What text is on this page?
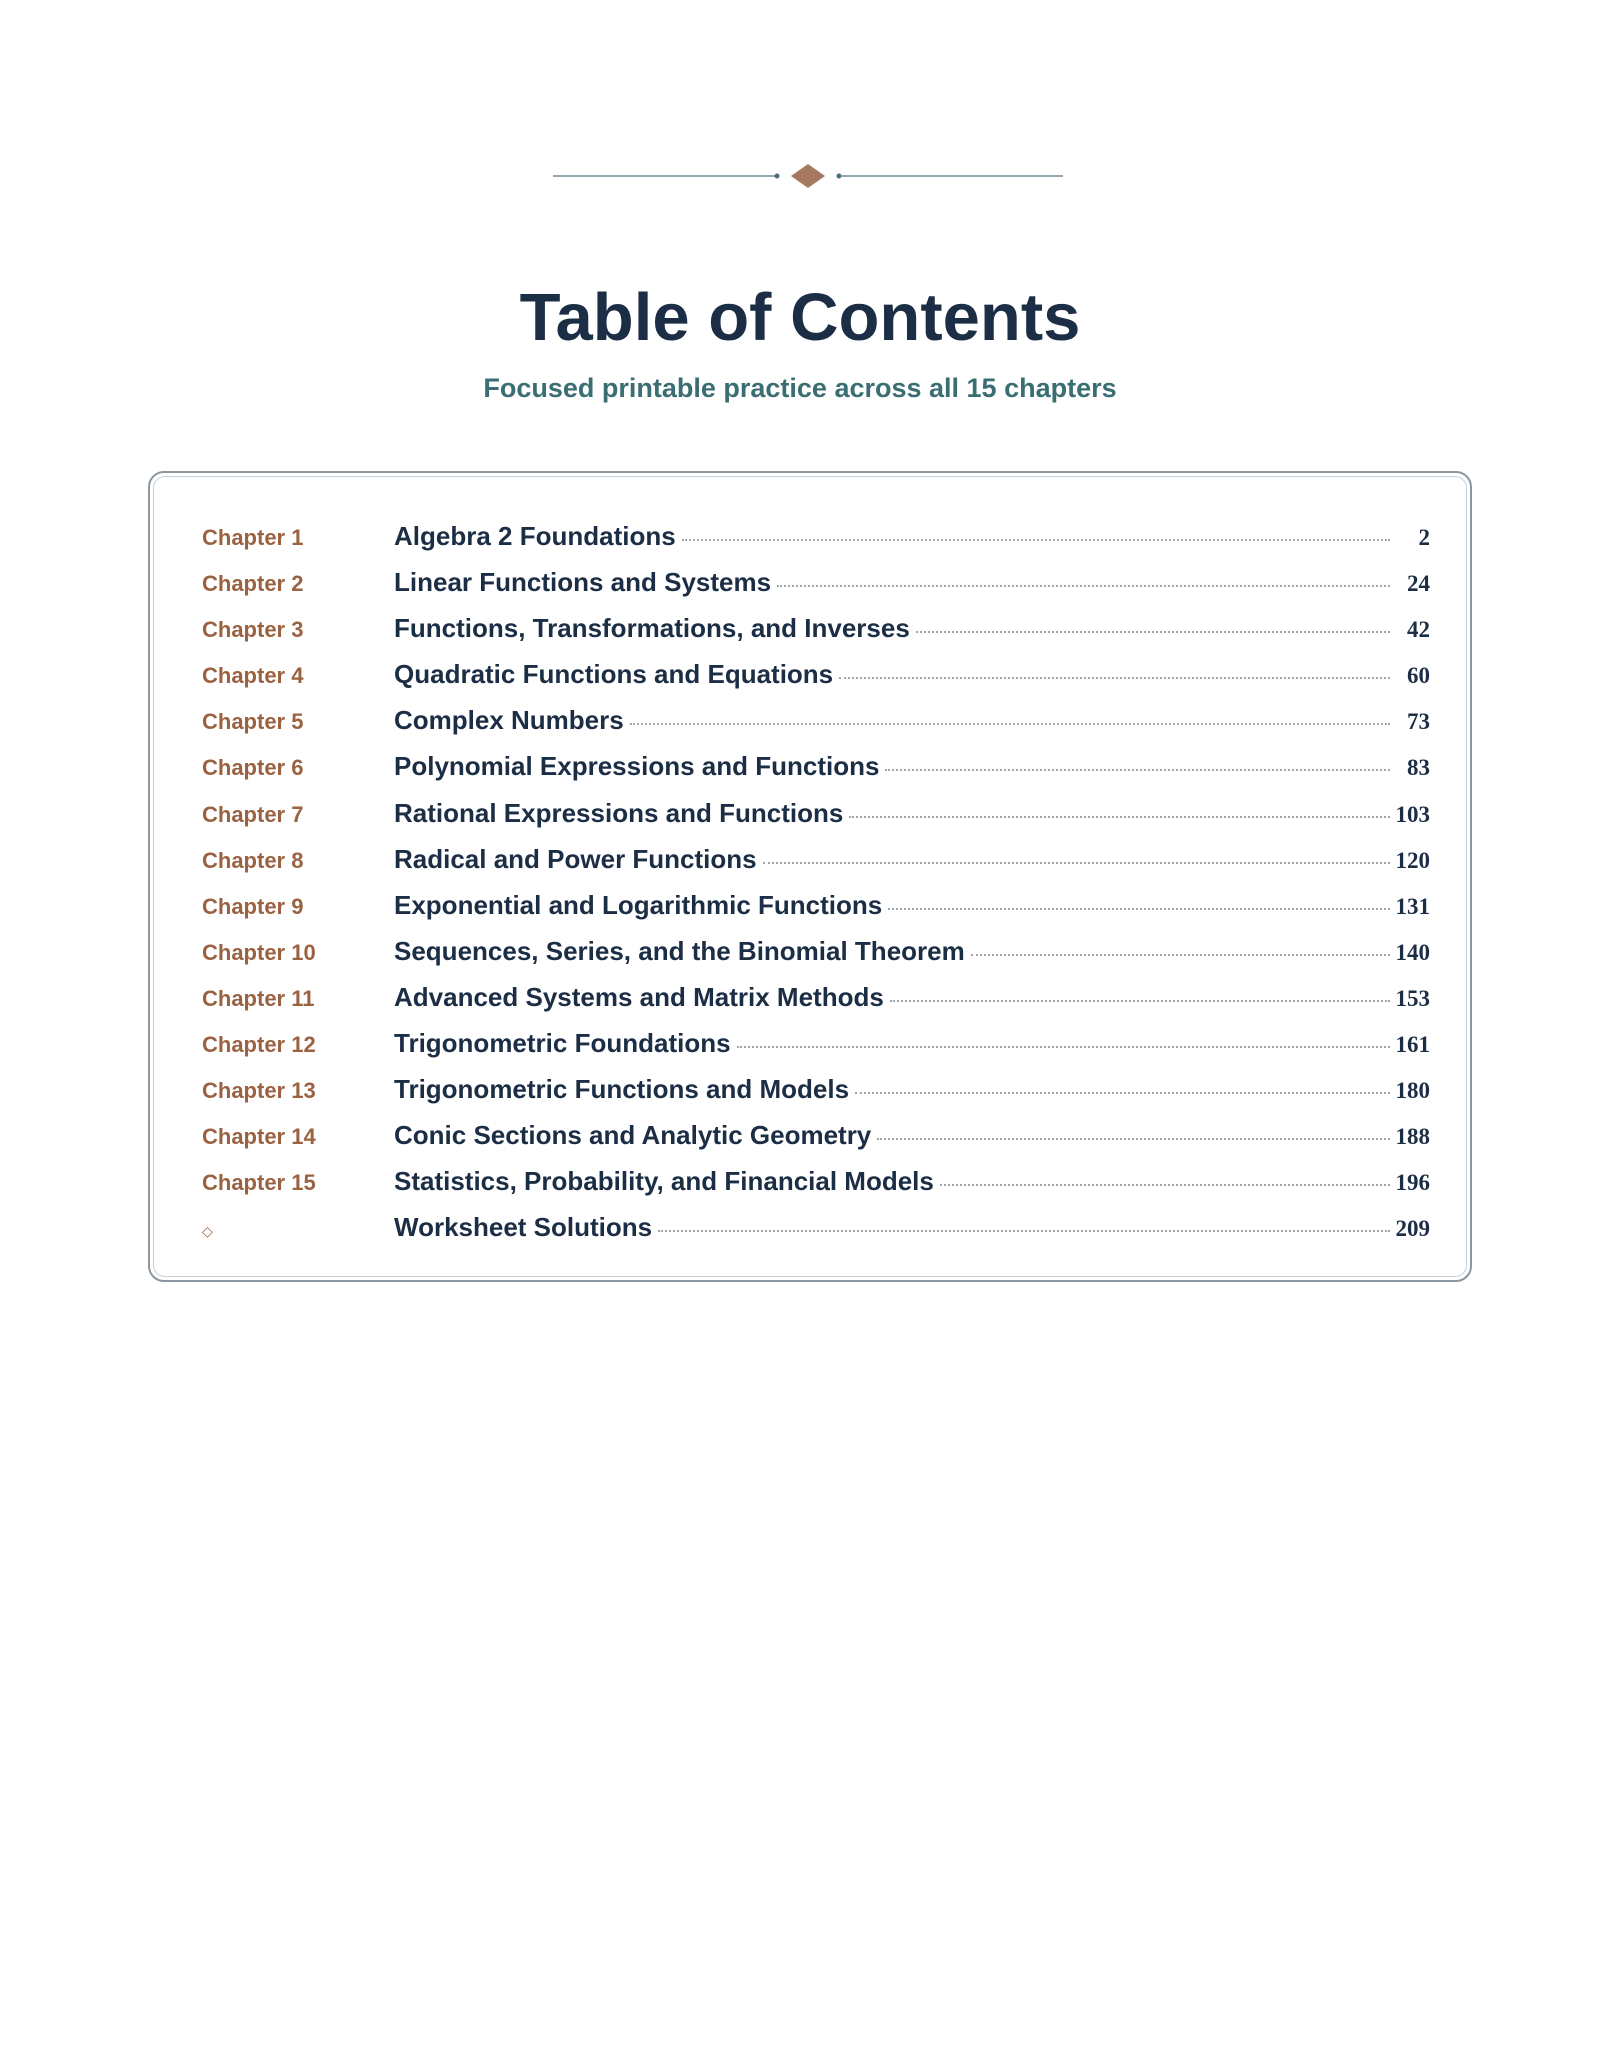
Table of Contents
Focused printable practice across all 15 chapters
Chapter 1	Algebra 2 Foundations	2
Chapter 2	Linear Functions and Systems	24
Chapter 3	Functions, Transformations, and Inverses	42
Chapter 4	Quadratic Functions and Equations	60
Chapter 5	Complex Numbers	73
Chapter 6	Polynomial Expressions and Functions	83
Chapter 7	Rational Expressions and Functions	103
Chapter 8	Radical and Power Functions	120
Chapter 9	Exponential and Logarithmic Functions	131
Chapter 10	Sequences, Series, and the Binomial Theorem	140
Chapter 11	Advanced Systems and Matrix Methods	153
Chapter 12	Trigonometric Foundations	161
Chapter 13	Trigonometric Functions and Models	180
Chapter 14	Conic Sections and Analytic Geometry	188
Chapter 15	Statistics, Probability, and Financial Models	196
◇	Worksheet Solutions	209
